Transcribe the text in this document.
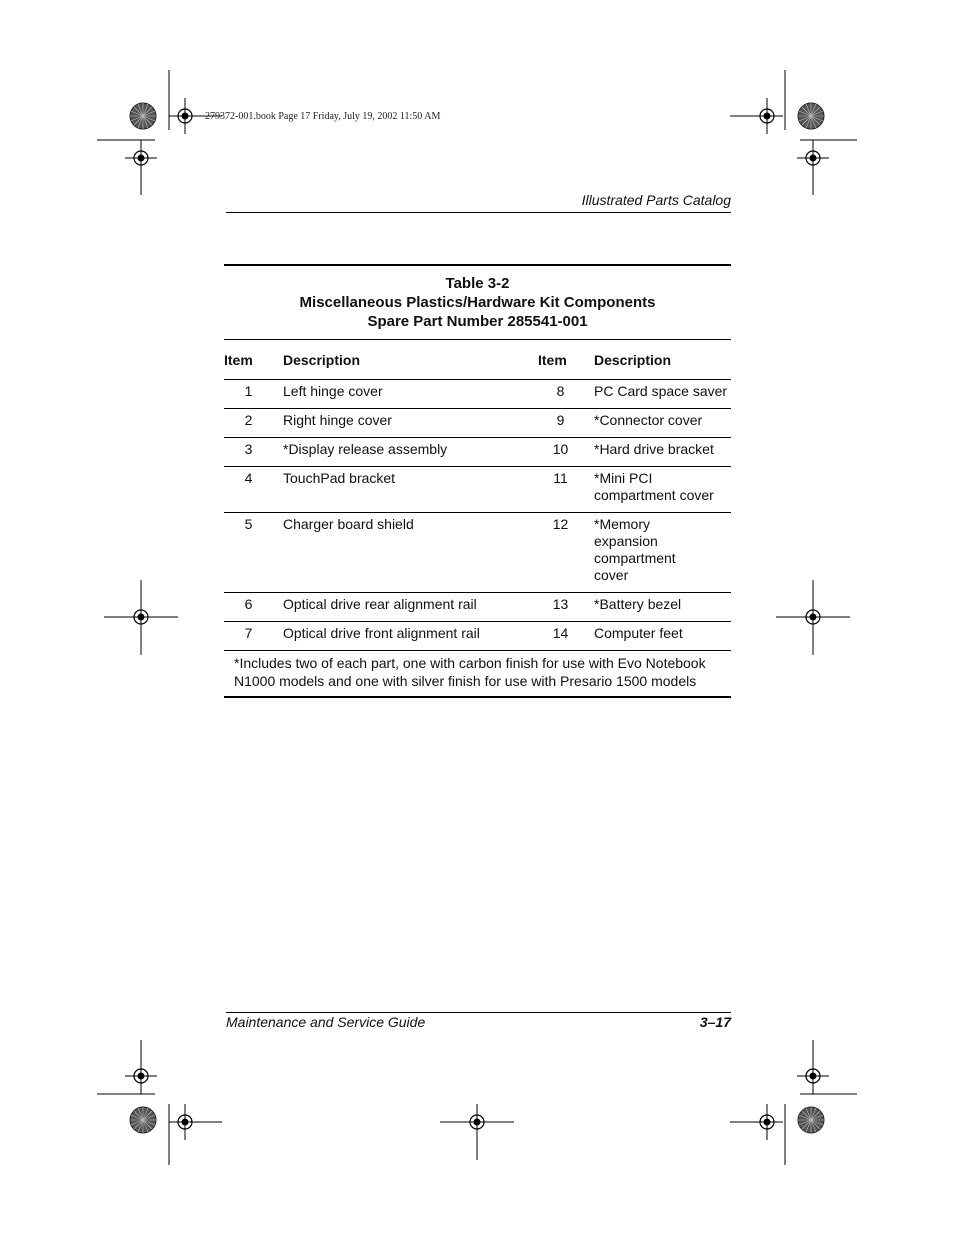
279372-001.book Page 17 Friday, July 19, 2002 11:50 AM
Illustrated Parts Catalog
Table 3-2
Miscellaneous Plastics/Hardware Kit Components
Spare Part Number 285541-001
Item	Description	Item	Description
1	Left hinge cover	8	PC Card space saver
2	Right hinge cover	9	*Connector cover
3	*Display release assembly	10	*Hard drive bracket
4	TouchPad bracket	11	*Mini PCI compartment cover
5	Charger board shield	12	*Memory expansion compartment cover
6	Optical drive rear alignment rail	13	*Battery bezel
7	Optical drive front alignment rail	14	Computer feet
*Includes two of each part, one with carbon finish for use with Evo Notebook N1000 models and one with silver finish for use with Presario 1500 models
Maintenance and Service Guide	3–17
